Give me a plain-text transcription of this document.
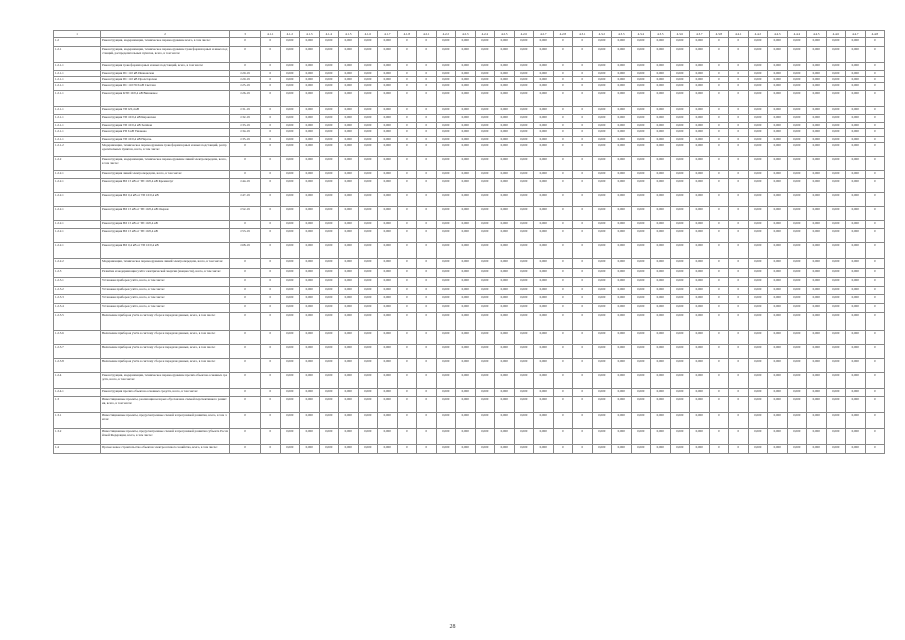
1	2	3	4.1.1	4.1.2	4.1.3	4.1.4	4.1.5	4.1.6	4.1.7	4.1.8	4.2.1	4.2.2	4.2.3	4.2.4	4.2.5	4.2.6	4.2.7	4.2.8	4.3.1	4.3.2	4.3.3	4.3.4	4.3.5	4.3.6	4.3.7	4.3.8	4.4.1	4.4.2	4.4.3	4.4.4	4.4.5	4.4.6	4.4.7	4.4.8
1.2	Реконструкция, модернизация, техническое перевооружение всего, в том числе:	0	0	0,000	0,000	0,000	0,000	0,000	0,000	0	0	0,000	0,000	0,000	0,000	0,000	0,000	0	0	0,000	0,000	0,000	0,000	0,000	0,000	0	0	0,000	0,000	0,000	0,000	0,000	0,000	0
1.2.1	Реконструкция, модернизация, техническое перевооружение трансформаторных и иных подстанций, распределительных пунктов, всего, в том числе:	0	0	0,000	0,000	0,000	0,000	0,000	0,000	0	0	0,000	0,000	0,000	0,000	0,000	0,000	0	0	0,000	0,000	0,000	0,000	0,000	0,000	0	0	0,000	0,000	0,000	0,000	0,000	0,000	0
1.2.1.1	Реконструкция трансформаторных и иных подстанций, всего, в том числе:	0	0	0,000	0,000	0,000	0,000	0,000	0,000	0	0	0,000	0,000	0,000	0,000	0,000	0,000	0	0	0,000	0,000	0,000	0,000	0,000	0,000	0	0	0,000	0,000	0,000	0,000	0,000	0,000	0
1.2.1.1	Реконструкция ПС 110 кВ Ивановская	J.20-19	0	0,000	0,000	0,000	0,000	0,000	0,000	0	0	0,000	0,000	0,000	0,000	0,000	0,000	0	0	0,000	0,000	0,000	0,000	0,000	0,000	0	0	0,000	0,000	0,000	0,000	0,000	0,000	0
1.2.1.1	Реконструкция ПС 110 кВ Пролетарская	J.20-19	0	0,000	0,000	0,000	0,000	0,000	0,000	0	0	0,000	0,000	0,000	0,000	0,000	0,000	0	0	0,000	0,000	0,000	0,000	0,000	0,000	0	0	0,000	0,000	0,000	0,000	0,000	0,000	0
1.2.1.1	Реконструкция ПС 110/35/6 кВ Светлая	J.25-19	0	0,000	0,000	0,000	0,000	0,000	0,000	0	0	0,000	0,000	0,000	0,000	0,000	0,000	0	0	0,000	0,000	0,000	0,000	0,000	0,000	0	0	0,000	0,000	0,000	0,000	0,000	0,000	0
1.2.1.1	Реконструкция КТП 10/0,4 кВ Вишневое	J.26-19	0	0,000	0,000	0,000	0,000	0,000	0,000	0	0	0,000	0,000	0,000	0,000	0,000	0,000	0	0	0,000	0,000	0,000	0,000	0,000	0,000	0	0	0,000	0,000	0,000	0,000	0,000	0,000	0
1.2.1.1	Реконструкция ТП 6/0,4 кВ	J.31-19	0	0,000	0,000	0,000	0,000	0,000	0,000	0	0	0,000	0,000	0,000	0,000	0,000	0,000	0	0	0,000	0,000	0,000	0,000	0,000	0,000	0	0	0,000	0,000	0,000	0,000	0,000	0,000	0
1.2.1.1	Реконструкция ТП 10/0,4 кВ Кировская	J.32-19	0	0,000	0,000	0,000	0,000	0,000	0,000	0	0	0,000	0,000	0,000	0,000	0,000	0,000	0	0	0,000	0,000	0,000	0,000	0,000	0,000	0	0	0,000	0,000	0,000	0,000	0,000	0,000	0
1.2.1.1	Реконструкция ТП 10/0,4 кВ Зелёная	J.33-19	0	0,000	0,000	0,000	0,000	0,000	0,000	0	0	0,000	0,000	0,000	0,000	0,000	0,000	0	0	0,000	0,000	0,000	0,000	0,000	0,000	0	0	0,000	0,000	0,000	0,000	0,000	0,000	0
1.2.1.1	Реконструкция РП 6 кВ Ушаково	J.34-19	0	0,000	0,000	0,000	0,000	0,000	0,000	0	0	0,000	0,000	0,000	0,000	0,000	0,000	0	0	0,000	0,000	0,000	0,000	0,000	0,000	0	0	0,000	0,000	0,000	0,000	0,000	0,000	0
1.2.1.1	Реконструкция ТП 10/0,4 кВ Нарочь	J.35-19	0	0,000	0,000	0,000	0,000	0,000	0,000	0	0	0,000	0,000	0,000	0,000	0,000	0,000	0	0	0,000	0,000	0,000	0,000	0,000	0,000	0	0	0,000	0,000	0,000	0,000	0,000	0,000	0
1.2.1.2	Модернизация, техническое перевооружение трансформаторных и иных подстанций, распределительных пунктов, всего, в том числе:	0	0	0,000	0,000	0,000	0,000	0,000	0,000	0	0	0,000	0,000	0,000	0,000	0,000	0,000	0	0	0,000	0,000	0,000	0,000	0,000	0,000	0	0	0,000	0,000	0,000	0,000	0,000	0,000	0
1.2.2	Реконструкция, модернизация, техническое перевооружение линий электропередачи, всего, в том числе:	0	0	0,000	0,000	0,000	0,000	0,000	0,000	0	0	0,000	0,000	0,000	0,000	0,000	0,000	0	0	0,000	0,000	0,000	0,000	0,000	0,000	0	0	0,000	0,000	0,000	0,000	0,000	0,000	0
1.2.2.1	Реконструкция линий электропередачи, всего, в том числе:	0	0	0,000	0,000	0,000	0,000	0,000	0,000	0	0	0,000	0,000	0,000	0,000	0,000	0,000	0	0	0,000	0,000	0,000	0,000	0,000	0,000	0	0	0,000	0,000	0,000	0,000	0,000	0,000	0
1.2.2.1	Реконструкция ВЛ 15 кВ от ТП 10/0,4 кВ Кременчуг	J.44-19	0	0,000	0,000	0,000	0,000	0,000	0,000	0	0	0,000	0,000	0,000	0,000	0,000	0,000	0	0	0,000	0,000	0,000	0,000	0,000	0,000	0	0	0,000	0,000	0,000	0,000	0,000	0,000	0
1.2.2.1	Реконструкция ВЛ 0,4 кВ от ТП 10/0,4 кВ	J.47-19	0	0,000	0,000	0,000	0,000	0,000	0,000	0	0	0,000	0,000	0,000	0,000	0,000	0,000	0	0	0,000	0,000	0,000	0,000	0,000	0,000	0	0	0,000	0,000	0,000	0,000	0,000	0,000	0
1.2.2.1	Реконструкция ВЛ 15 кВ от ТП 10/0,4 кВ Озерки	J.52-19	0	0,000	0,000	0,000	0,000	0,000	0,000	0	0	0,000	0,000	0,000	0,000	0,000	0,000	0	0	0,000	0,000	0,000	0,000	0,000	0,000	0	0	0,000	0,000	0,000	0,000	0,000	0,000	0
1.2.2.1	Реконструкция ВЛ 15 кВ от ТП 10/0,4 кВ	0	0	0,000	0,000	0,000	0,000	0,000	0,000	0	0	0,000	0,000	0,000	0,000	0,000	0,000	0	0	0,000	0,000	0,000	0,000	0,000	0,000	0	0	0,000	0,000	0,000	0,000	0,000	0,000	0
1.2.2.1	Реконструкция ВЛ 15 кВ от ТП 10/0,4 кВ	J.53-19	0	0,000	0,000	0,000	0,000	0,000	0,000	0	0	0,000	0,000	0,000	0,000	0,000	0,000	0	0	0,000	0,000	0,000	0,000	0,000	0,000	0	0	0,000	0,000	0,000	0,000	0,000	0,000	0
1.2.2.1	Реконструкция ВЛ 0,4 кВ от ТП 10/0,4 кВ	J.68-19	0	0,000	0,000	0,000	0,000	0,000	0,000	0	0	0,000	0,000	0,000	0,000	0,000	0,000	0	0	0,000	0,000	0,000	0,000	0,000	0,000	0	0	0,000	0,000	0,000	0,000	0,000	0,000	0
1.2.2.2	Модернизация, техническое перевооружение линий электропередачи, всего, в том числе:	0	0	0,000	0,000	0,000	0,000	0,000	0,000	0	0	0,000	0,000	0,000	0,000	0,000	0,000	0	0	0,000	0,000	0,000	0,000	0,000	0,000	0	0	0,000	0,000	0,000	0,000	0,000	0,000	0
1.2.3	Развитие и модернизация учёта электрической энергии (мощности), всего, в том числе:	0	0	0,000	0,000	0,000	0,000	0,000	0,000	0	0	0,000	0,000	0,000	0,000	0,000	0,000	0	0	0,000	0,000	0,000	0,000	0,000	0,000	0	0	0,000	0,000	0,000	0,000	0,000	0,000	0
1.2.3.1	Установка приборов учёта, всего, в том числе:	0	0	0,000	0,000	0,000	0,000	0,000	0,000	0	0	0,000	0,000	0,000	0,000	0,000	0,000	0	0	0,000	0,000	0,000	0,000	0,000	0,000	0	0	0,000	0,000	0,000	0,000	0,000	0,000	0
1.2.3.2	Установка приборов учёта, всего, в том числе:	0	0	0,000	0,000	0,000	0,000	0,000	0,000	0	0	0,000	0,000	0,000	0,000	0,000	0,000	0	0	0,000	0,000	0,000	0,000	0,000	0,000	0	0	0,000	0,000	0,000	0,000	0,000	0,000	0
1.2.3.3	Установка приборов учёта, всего, в том числе:	0	0	0,000	0,000	0,000	0,000	0,000	0,000	0	0	0,000	0,000	0,000	0,000	0,000	0,000	0	0	0,000	0,000	0,000	0,000	0,000	0,000	0	0	0,000	0,000	0,000	0,000	0,000	0,000	0
1.2.3.4	Установка приборов учёта, всего, в том числе:	0	0	0,000	0,000	0,000	0,000	0,000	0,000	0	0	0,000	0,000	0,000	0,000	0,000	0,000	0	0	0,000	0,000	0,000	0,000	0,000	0,000	0	0	0,000	0,000	0,000	0,000	0,000	0,000	0
1.2.3.5	Включение приборов учёта в систему сбора и передачи данных, всего, в том числе:	0	0	0,000	0,000	0,000	0,000	0,000	0,000	0	0	0,000	0,000	0,000	0,000	0,000	0,000	0	0	0,000	0,000	0,000	0,000	0,000	0,000	0	0	0,000	0,000	0,000	0,000	0,000	0,000	0
1.2.3.6	Включение приборов учёта в систему сбора и передачи данных, всего, в том числе:	0	0	0,000	0,000	0,000	0,000	0,000	0,000	0	0	0,000	0,000	0,000	0,000	0,000	0,000	0	0	0,000	0,000	0,000	0,000	0,000	0,000	0	0	0,000	0,000	0,000	0,000	0,000	0,000	0
1.2.3.7	Включение приборов учёта в систему сбора и передачи данных, всего, в том числе:	0	0	0,000	0,000	0,000	0,000	0,000	0,000	0	0	0,000	0,000	0,000	0,000	0,000	0,000	0	0	0,000	0,000	0,000	0,000	0,000	0,000	0	0	0,000	0,000	0,000	0,000	0,000	0,000	0
1.2.3.8	Включение приборов учёта в систему сбора и передачи данных, всего, в том числе:	0	0	0,000	0,000	0,000	0,000	0,000	0,000	0	0	0,000	0,000	0,000	0,000	0,000	0,000	0	0	0,000	0,000	0,000	0,000	0,000	0,000	0	0	0,000	0,000	0,000	0,000	0,000	0,000	0
1.2.4	Реконструкция, модернизация, техническое перевооружение прочих объектов основных средств, всего, в том числе:	0	0	0,000	0,000	0,000	0,000	0,000	0,000	0	0	0,000	0,000	0,000	0,000	0,000	0,000	0	0	0,000	0,000	0,000	0,000	0,000	0,000	0	0	0,000	0,000	0,000	0,000	0,000	0,000	0
1.2.4.1	Реконструкция прочих объектов основных средств, всего, в том числе:	0	0	0,000	0,000	0,000	0,000	0,000	0,000	0	0	0,000	0,000	0,000	0,000	0,000	0,000	0	0	0,000	0,000	0,000	0,000	0,000	0,000	0	0	0,000	0,000	0,000	0,000	0,000	0,000	0
1.3	Инвестиционные проекты, реализация которых обусловлена схемой перспективного развития, всего, в том числе:	0	0	0,000	0,000	0,000	0,000	0,000	0,000	0	0	0,000	0,000	0,000	0,000	0,000	0,000	0	0	0,000	0,000	0,000	0,000	0,000	0,000	0	0	0,000	0,000	0,000	0,000	0,000	0,000	0
1.3.1	Инвестиционные проекты, предусмотренные схемой и программой развития, всего, в том числе:	0	0	0,000	0,000	0,000	0,000	0,000	0,000	0	0	0,000	0,000	0,000	0,000	0,000	0,000	0	0	0,000	0,000	0,000	0,000	0,000	0,000	0	0	0,000	0,000	0,000	0,000	0,000	0,000	0
1.3.2	Инвестиционные проекты, предусмотренные схемой и программой развития субъекта Российской Федерации, всего, в том числе:	0	0	0,000	0,000	0,000	0,000	0,000	0,000	0	0	0,000	0,000	0,000	0,000	0,000	0,000	0	0	0,000	0,000	0,000	0,000	0,000	0,000	0	0	0,000	0,000	0,000	0,000	0,000	0,000	0
1.4	Прочее новое строительство объектов электросетевого хозяйства, всего, в том числе:	0	0	0,000	0,000	0,000	0,000	0,000	0,000	0	0	0,000	0,000	0,000	0,000	0,000	0,000	0	0	0,000	0,000	0,000	0,000	0,000	0,000	0	0	0,000	0,000	0,000	0,000	0,000	0,000	0
28
